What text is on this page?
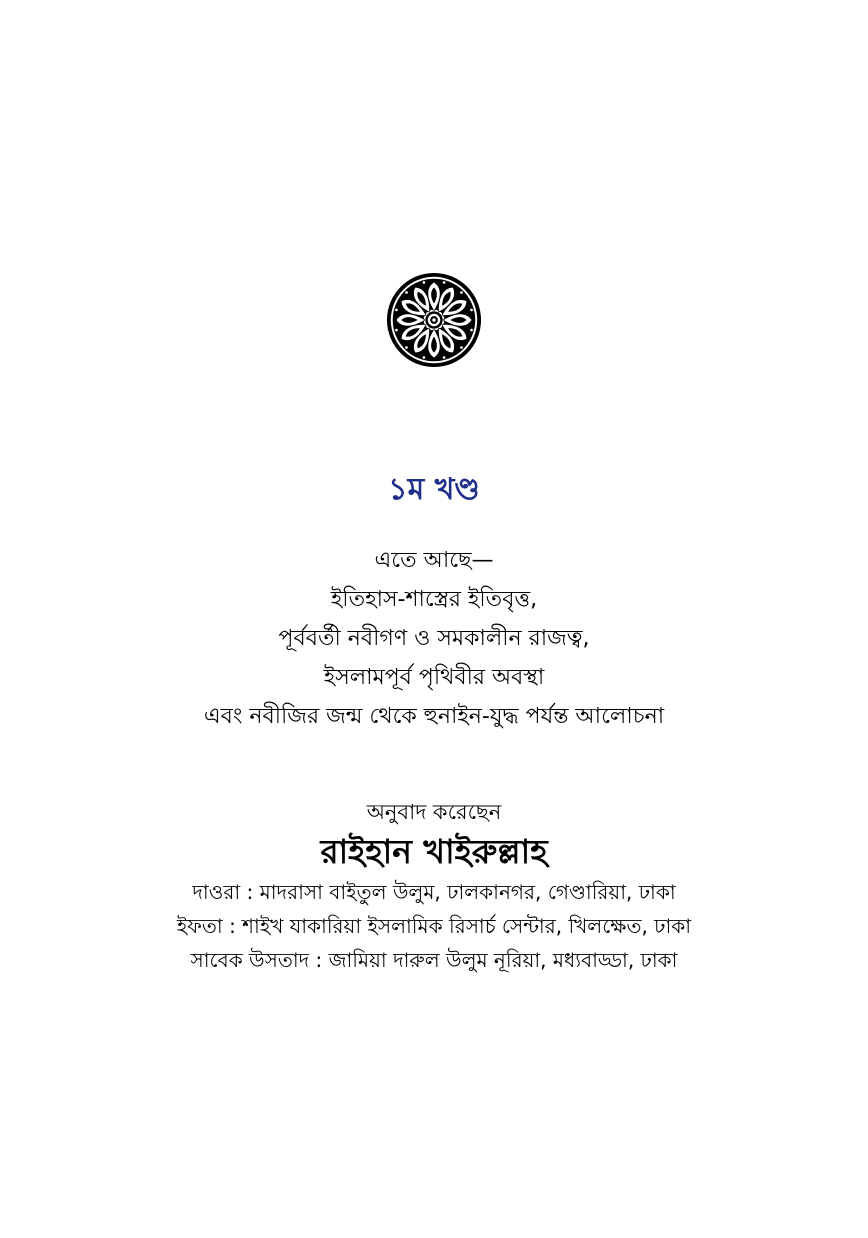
১ম খণ্ড
এতে আছে—
ইতিহাস-শাস্ত্রের ইতিবৃত্ত,
পূর্ববর্তী নবীগণ ও সমকালীন রাজত্ব,
ইসলামপূর্ব পৃথিবীর অবস্থা
এবং নবীজির জন্ম থেকে হুনাইন-যুদ্ধ পর্যন্ত আলোচনা
অনুবাদ করেছেন
রাইহান খাইরুল্লাহ
দাওরা : মাদরাসা বাইতুল উলুম, ঢালকানগর, গেণ্ডারিয়া, ঢাকা
ইফতা : শাইখ যাকারিয়া ইসলামিক রিসার্চ সেন্টার, খিলক্ষেত, ঢাকা
সাবেক উসতাদ : জামিয়া দারুল উলুম নূরিয়া, মধ্যবাড্ডা, ঢাকা
